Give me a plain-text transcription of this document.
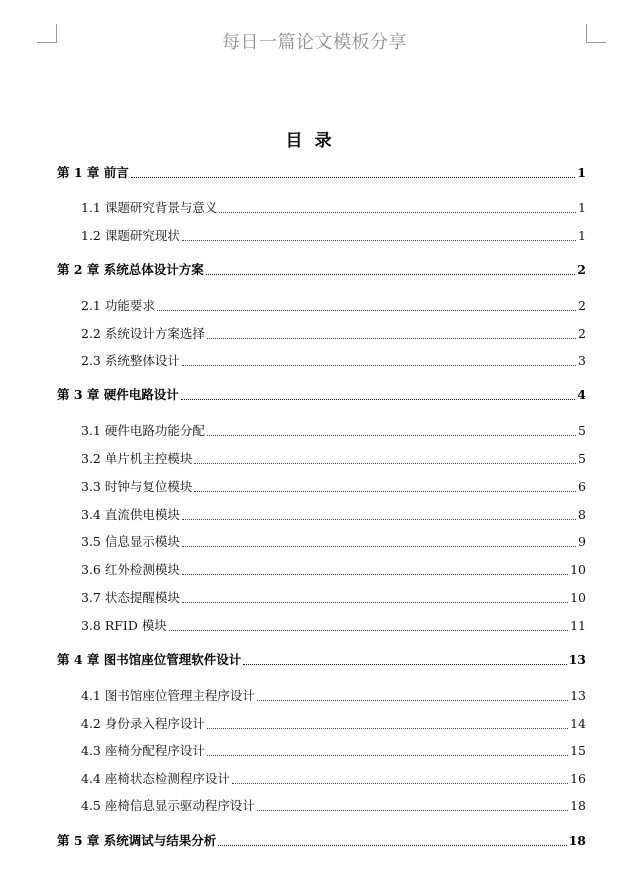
每日一篇论文模板分享
目录
第 1 章 前言	1
1.1 课题研究背景与意义	1
1.2 课题研究现状	1
第 2 章 系统总体设计方案	2
2.1 功能要求	2
2.2 系统设计方案选择	2
2.3 系统整体设计	3
第 3 章 硬件电路设计	4
3.1 硬件电路功能分配	5
3.2 单片机主控模块	5
3.3 时钟与复位模块	6
3.4 直流供电模块	8
3.5 信息显示模块	9
3.6 红外检测模块	10
3.7 状态提醒模块	10
3.8 RFID 模块	11
第 4 章 图书馆座位管理软件设计	13
4.1 图书馆座位管理主程序设计	13
4.2 身份录入程序设计	14
4.3 座椅分配程序设计	15
4.4 座椅状态检测程序设计	16
4.5 座椅信息显示驱动程序设计	18
第 5 章 系统调试与结果分析	18
